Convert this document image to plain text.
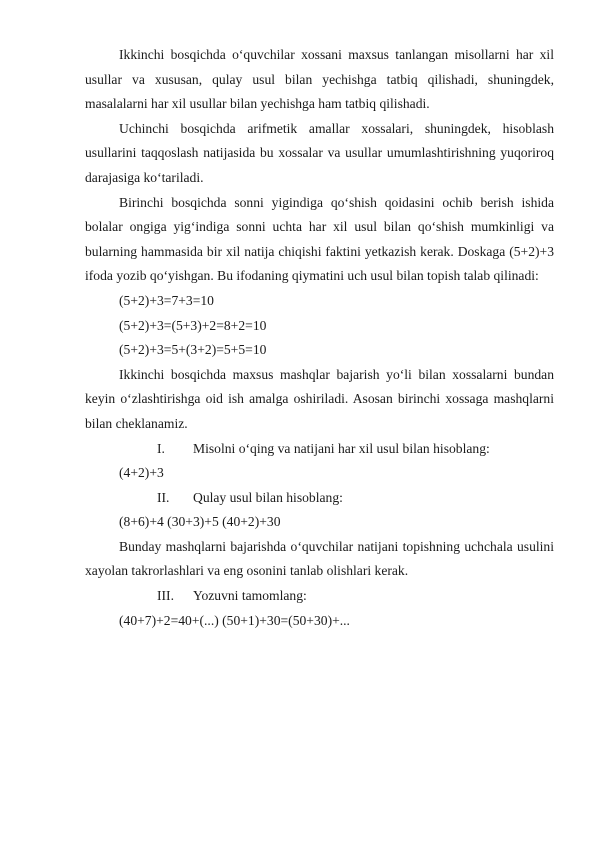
Ikkinchi bosqichda o‘quvchilar xossani maxsus tanlangan misollarni har xil usullar va xususan, qulay usul bilan yechishga tatbiq qilishadi, shuningdek, masalalarni har xil usullar bilan yechishga ham tatbiq qilishadi.

Uchinchi bosqichda arifmetik amallar xossalari, shuningdek, hisoblash usullarini taqqoslash natijasida bu xossalar va usullar umumlashtirishning yuqoriroq darajasiga ko‘tariladi.

Birinchi bosqichda sonni yigindiga qo‘shish qoidasini ochib berish ishida bolalar ongiga yig‘indiga sonni uchta har xil usul bilan qo‘shish mumkinligi va bularning hammasida bir xil natija chiqishi faktini yetkazish kerak. Doskaga (5+2)+3 ifoda yozib qo‘yishgan. Bu ifodaning qiymatini uch usul bilan topish talab qilinadi:

(5+2)+3=7+3=10

(5+2)+3=(5+3)+2=8+2=10

(5+2)+3=5+(3+2)=5+5=10

Ikkinchi bosqichda maxsus mashqlar bajarish yo‘li bilan xossalarni bundan keyin o‘zlashtirishga oid ish amalga oshiriladi. Asosan birinchi xossaga mashqlarni bilan cheklanamiz.

I.	Misolni o‘qing va natijani har xil usul bilan hisoblang:

(4+2)+3

II.	Qulay usul bilan hisoblang:

(8+6)+4 (30+3)+5 (40+2)+30

Bunday mashqlarni bajarishda o‘quvchilar natijani topishning uchchala usulini xayolan takrorlashlari va eng osonini tanlab olishlari kerak.

III.	Yozuvni tamomlang:

(40+7)+2=40+(...) (50+1)+30=(50+30)+...
